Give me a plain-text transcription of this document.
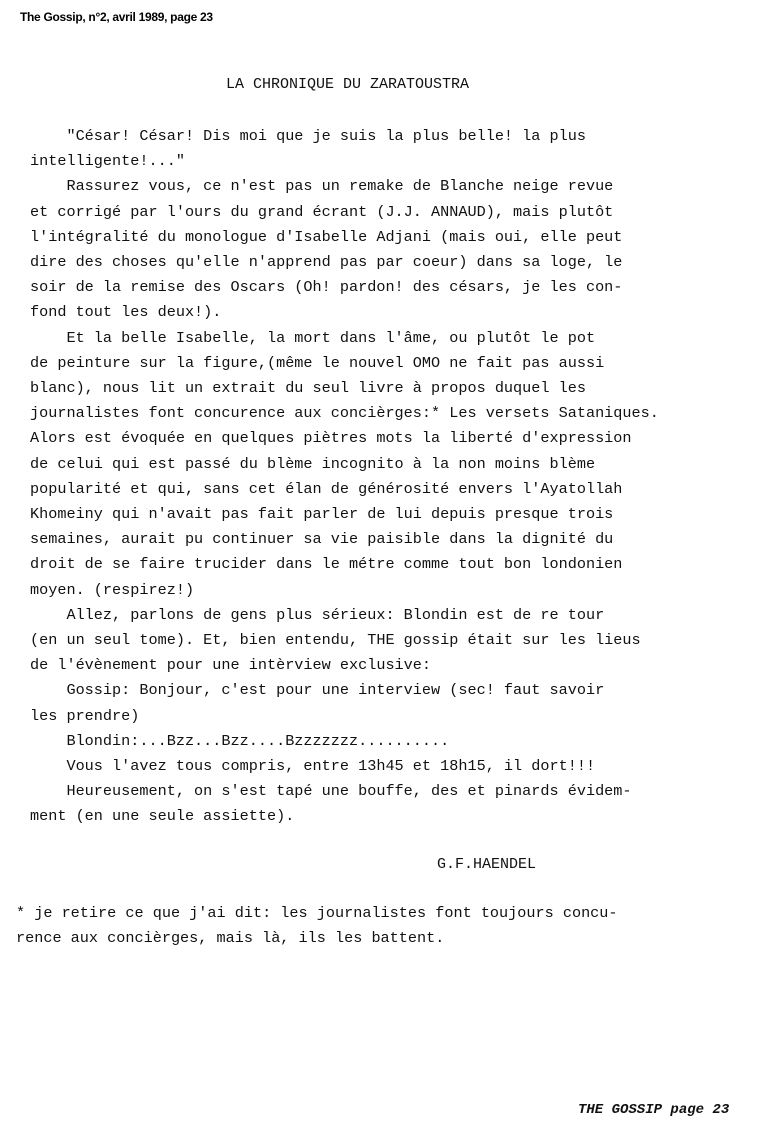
The Gossip, n°2, avril 1989, page 23
LA CHRONIQUE DU ZARATOUSTRA
"César! César! Dis moi que je suis la plus belle! la plus
intelligente!..."
Rassurez vous, ce n'est pas un remake de Blanche neige revue
et corrigé par l'ours du grand écrant (J.J. ANNAUD), mais plutôt
l'intégralité du monologue d'Isabelle Adjani (mais oui, elle peut
dire des choses qu'elle n'apprend pas par coeur) dans sa loge, le
soir de la remise des Oscars (Oh! pardon! des césars, je les con-
fond tout les deux!).
Et la belle Isabelle, la mort dans l'âme, ou plutôt le pot
de peinture sur la figure,(même le nouvel OMO ne fait pas aussi
blanc), nous lit un extrait du seul livre à propos duquel les
journalistes font concurence aux concièrges:* Les versets Sataniques.
Alors est évoquée en quelques piètres mots la liberté d'expression
de celui qui est passé du blème incognito à la non moins blème
popularité et qui, sans cet élan de générosité envers l'Ayatollah
Khomeiny qui n'avait pas fait parler de lui depuis presque trois
semaines, aurait pu continuer sa vie paisible dans la dignité du
droit de se faire trucider dans le métre comme tout bon londonien
moyen. (respirez!)
Allez, parlons de gens plus sérieux: Blondin est de re tour
(en un seul tome). Et, bien entendu, THE gossip était sur les lieus
de l'évènement pour une intèrview exclusive:
Gossip: Bonjour, c'est pour une interview (sec! faut savoir
les prendre)
Blondin:...Bzz...Bzz....Bzzzzzzz..........
Vous l'avez tous compris, entre 13h45 et 18h15, il dort!!!
Heureusement, on s'est tapé une bouffe, des et pinards évidem-
ment (en une seule assiette).
G.F.HAENDEL
* je retire ce que j'ai dit: les journalistes font toujours concu-
rence aux concièrges, mais là, ils les battent.
THE GOSSIP page 23
